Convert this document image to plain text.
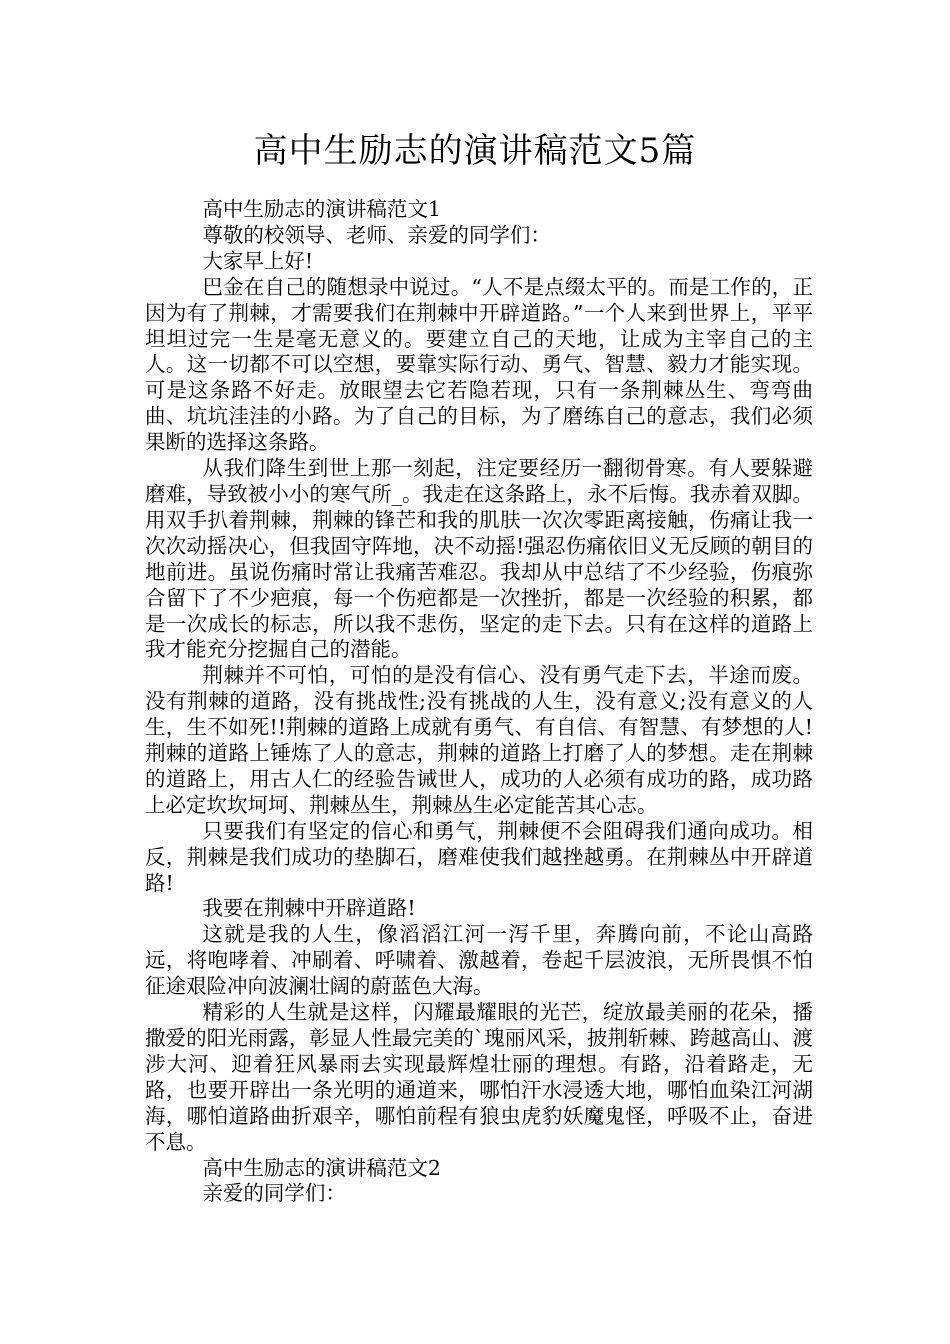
高中生励志的演讲稿范文5篇

高中生励志的演讲稿范文1

尊敬的校领导、老师、亲爱的同学们：

大家早上好!

巴金在自己的随想录中说过。“人不是点缀太平的。而是工作的，正因为有了荆棘，才需要我们在荆棘中开辟道路。”一个人来到世界上，平平坦坦过完一生是毫无意义的。要建立自己的天地，让成为主宰自己的主人。这一切都不可以空想，要靠实际行动、勇气、智慧、毅力才能实现。可是这条路不好走。放眼望去它若隐若现，只有一条荆棘丛生、弯弯曲曲、坑坑洼洼的小路。为了自己的目标，为了磨练自己的意志，我们必须果断的选择这条路。

从我们降生到世上那一刻起，注定要经历一翻彻骨寒。有人要躲避磨难，导致被小小的寒气所_。我走在这条路上，永不后悔。我赤着双脚。用双手扒着荆棘，荆棘的锋芒和我的肌肤一次次零距离接触，伤痛让我一次次动摇决心，但我固守阵地，决不动摇!强忍伤痛依旧义无反顾的朝目的地前进。虽说伤痛时常让我痛苦难忍。我却从中总结了不少经验，伤痕弥合留下了不少疤痕，每一个伤疤都是一次挫折，都是一次经验的积累，都是一次成长的标志，所以我不悲伤，坚定的走下去。只有在这样的道路上我才能充分挖掘自己的潜能。

荆棘并不可怕，可怕的是没有信心、没有勇气走下去，半途而废。没有荆棘的道路，没有挑战性;没有挑战的人生，没有意义;没有意义的人生，生不如死!!荆棘的道路上成就有勇气、有自信、有智慧、有梦想的人!荆棘的道路上锤炼了人的意志，荆棘的道路上打磨了人的梦想。走在荆棘的道路上，用古人仁的经验告诫世人，成功的人必须有成功的路，成功路上必定坎坎坷坷、荆棘丛生，荆棘丛生必定能苦其心志。

只要我们有坚定的信心和勇气，荆棘便不会阻碍我们通向成功。相反，荆棘是我们成功的垫脚石，磨难使我们越挫越勇。在荆棘丛中开辟道路!

我要在荆棘中开辟道路!

这就是我的人生，像滔滔江河一泻千里，奔腾向前，不论山高路远，将咆哮着、冲刷着、呼啸着、激越着，卷起千层波浪，无所畏惧不怕征途艰险冲向波澜壮阔的蔚蓝色大海。

精彩的人生就是这样，闪耀最耀眼的光芒，绽放最美丽的花朵，播撒爱的阳光雨露，彰显人性最完美的`瑰丽风采，披荆斩棘、跨越高山、渡涉大河、迎着狂风暴雨去实现最辉煌壮丽的理想。有路，沿着路走，无路，也要开辟出一条光明的通道来，哪怕汗水浸透大地，哪怕血染江河湖海，哪怕道路曲折艰辛，哪怕前程有狼虫虎豹妖魔鬼怪，呼吸不止，奋进不息。

高中生励志的演讲稿范文2

亲爱的同学们：
